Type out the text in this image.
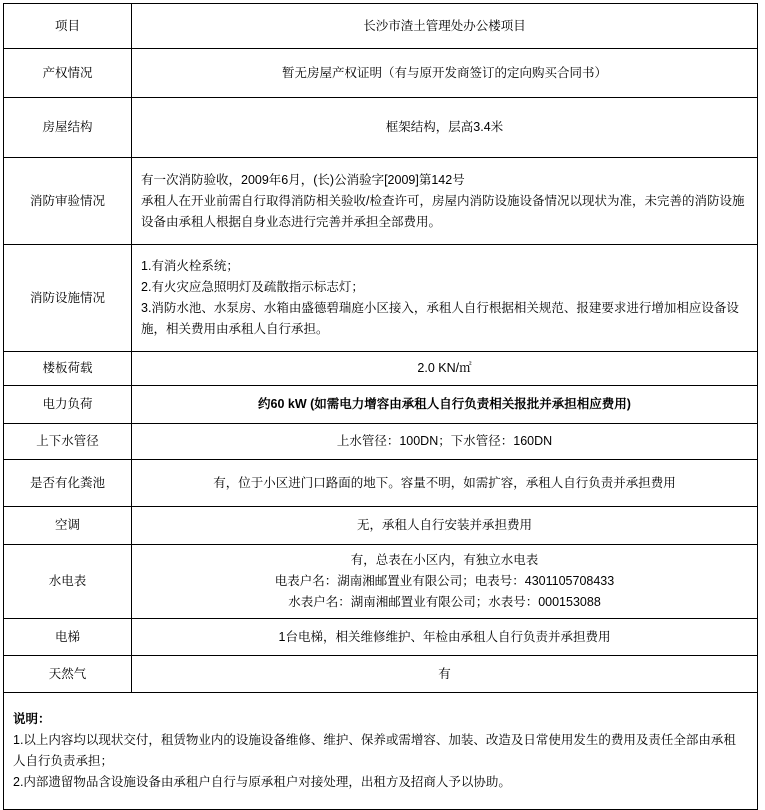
项目	长沙市渣土管理处办公楼项目
产权情况	暂无房屋产权证明（有与原开发商签订的定向购买合同书）
房屋结构	框架结构，层高3.4米
消防审验情况	有一次消防验收，2009年6月，(长)公消验字[2009]第142号
承租人在开业前需自行取得消防相关验收/检查许可，房屋内消防设施设备情况以现状为准，未完善的消防设施设备由承租人根据自身业态进行完善并承担全部费用。

消防设施情况	1.有消火栓系统；
2.有火灾应急照明灯及疏散指示标志灯；
3.消防水池、水泵房、水箱由盛德碧瑞庭小区接入，承租人自行根据相关规范、报建要求进行增加相应设备设施，相关费用由承租人自行承担。

楼板荷载	2.0 KN/㎡
电力负荷	约60 kW (如需电力增容由承租人自行负责相关报批并承担相应费用)
上下水管径	上水管径：100DN；下水管径：160DN
是否有化粪池	有，位于小区进门口路面的地下。容量不明，如需扩容，承租人自行负责并承担费用
空调	无，承租人自行安装并承担费用
水电表	有，总表在小区内，有独立水电表
电表户名：湖南湘邮置业有限公司；电表号：4301105708433
水表户名：湖南湘邮置业有限公司；水表号：000153088

电梯	1台电梯，相关维修维护、年检由承租人自行负责并承担费用
天然气	有

说明：
1.以上内容均以现状交付，租赁物业内的设施设备维修、维护、保养或需增容、加装、改造及日常使用发生的费用及责任全部由承租人自行负责承担；
2.内部遗留物品含设施设备由承租户自行与原承租户对接处理，出租方及招商人予以协助。	
